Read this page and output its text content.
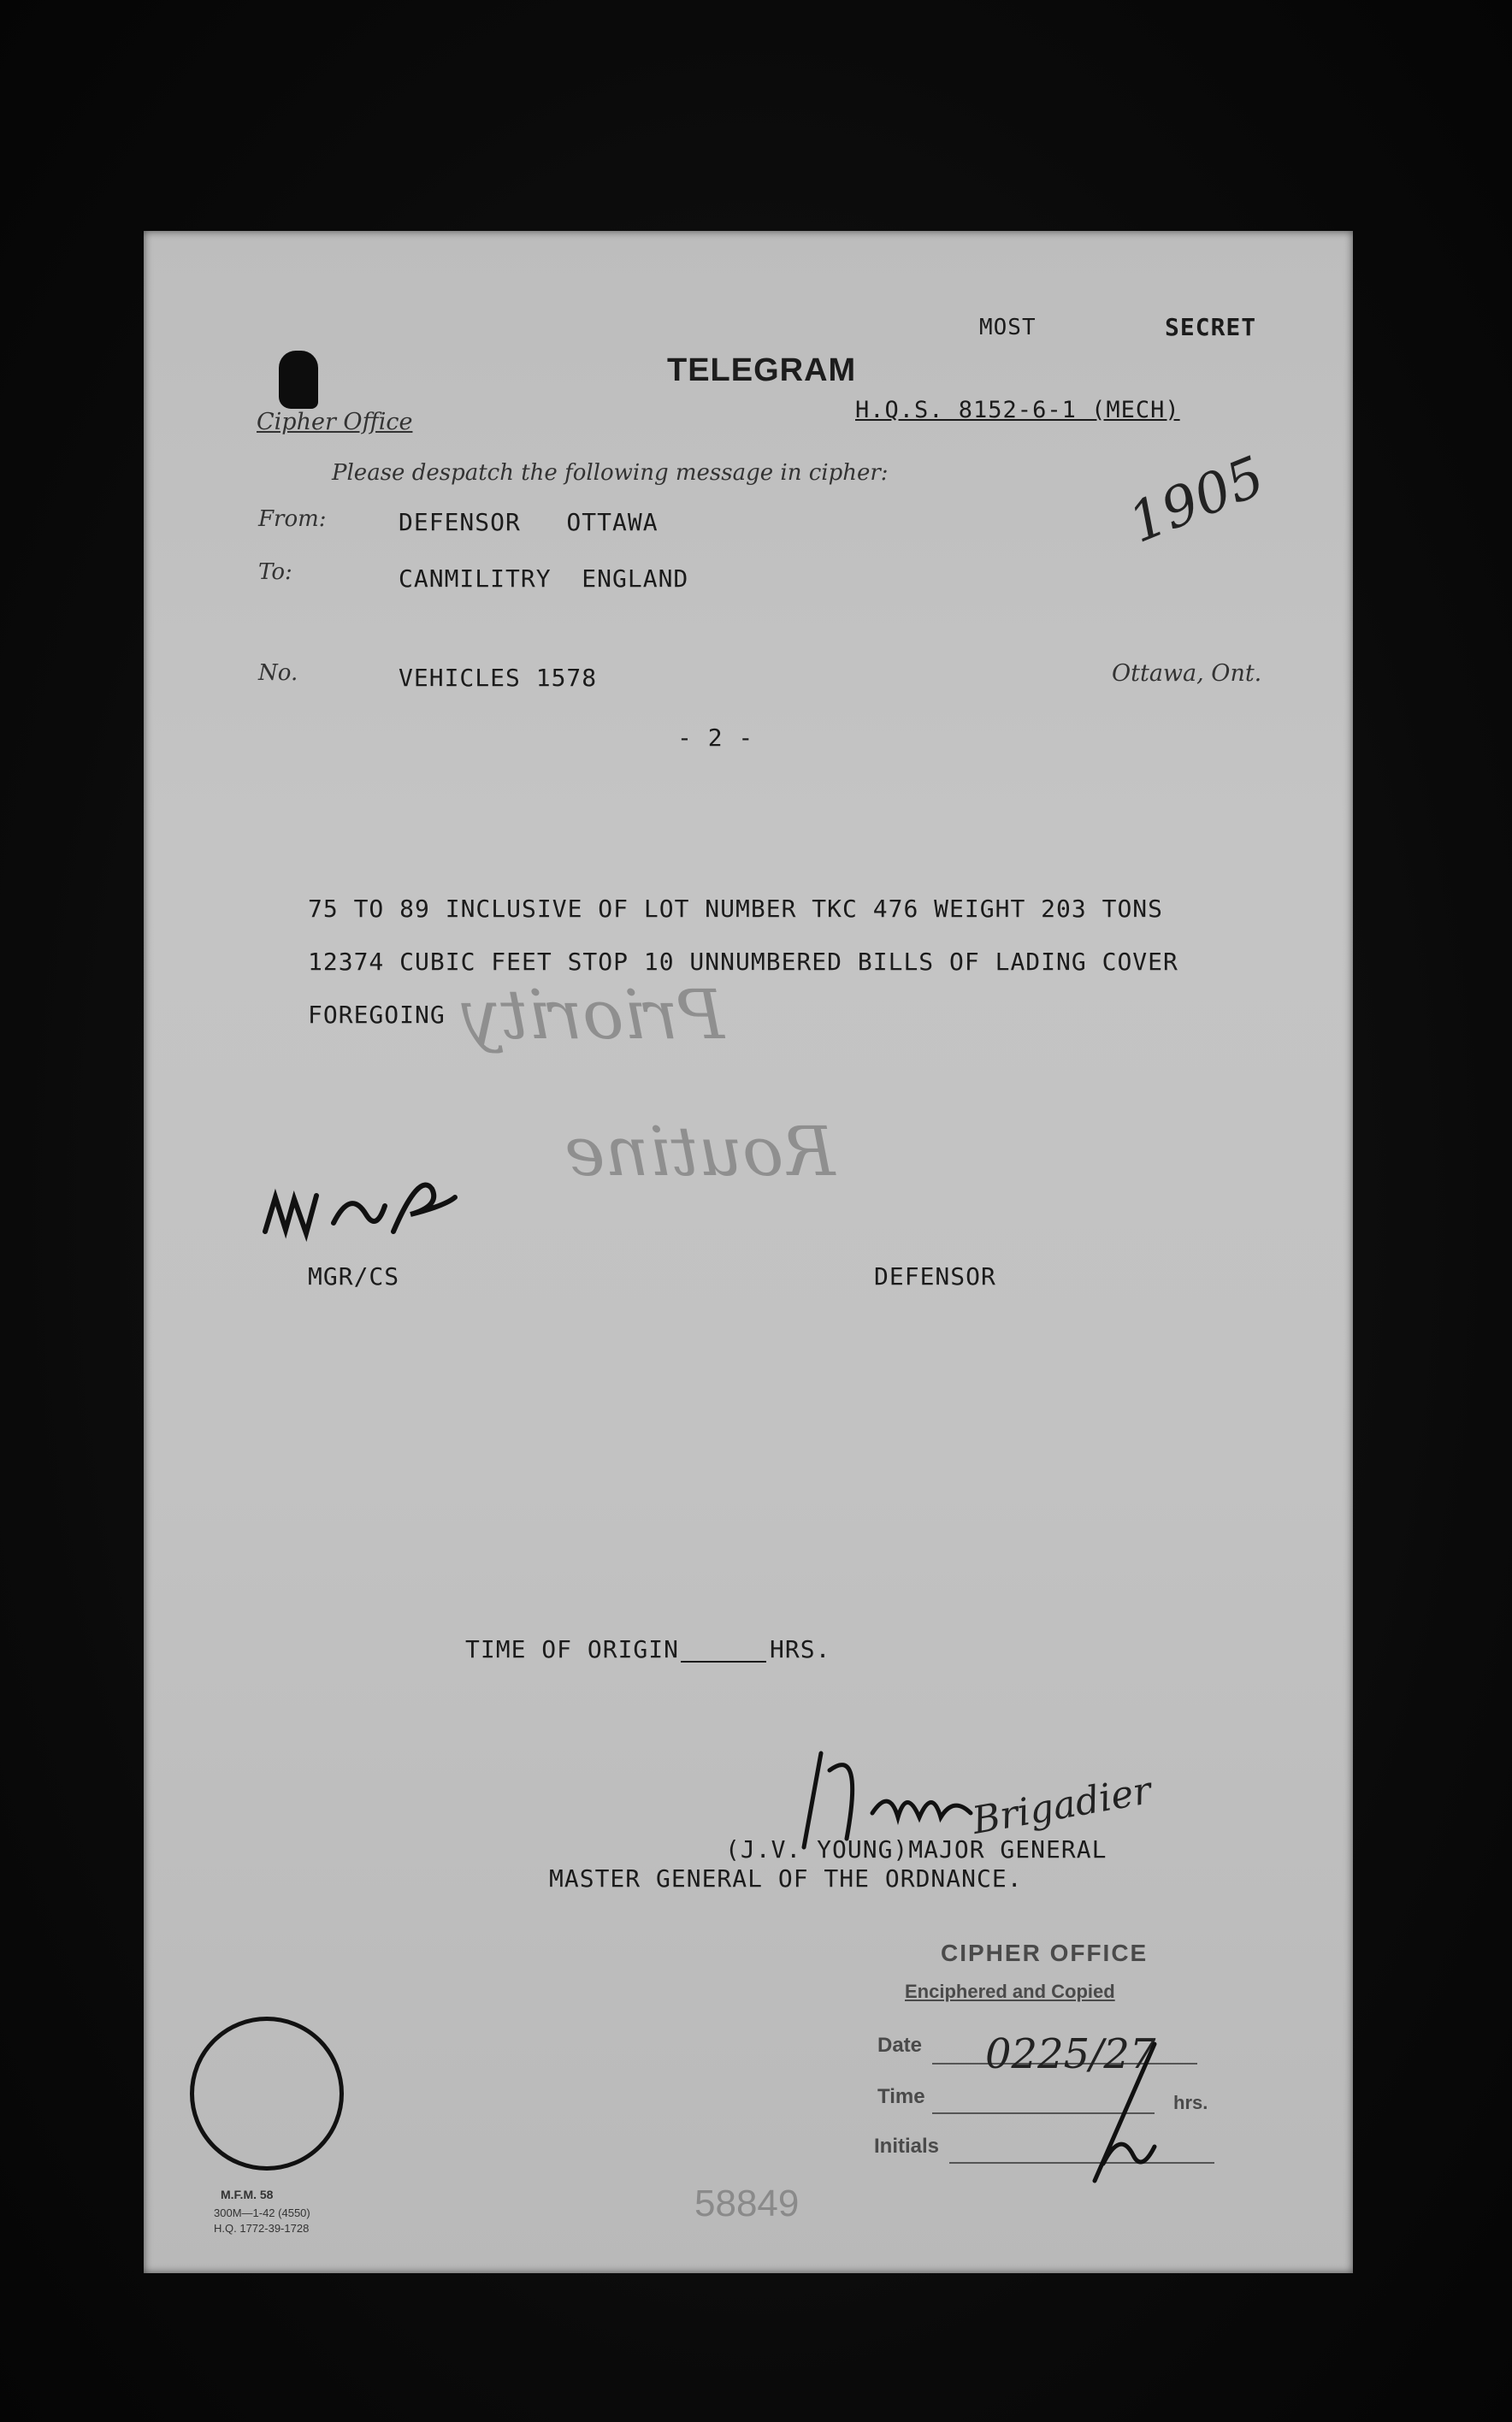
MOST	SECRET
TELEGRAM
Cipher Office	H.Q.S. 8152-6-1 (MECH)
Please despatch the following message in cipher:	1905
From:	DEFENSOR   OTTAWA
To:	CANMILITRY  ENGLAND
No.	VEHICLES 1578	Ottawa, Ont.
- 2 -
75 TO 89 INCLUSIVE OF LOT NUMBER TKC 476 WEIGHT 203 TONS
12374 CUBIC FEET STOP 10 UNNUMBERED BILLS OF LADING COVER
FOREGOING Priority
Routine
MGR/CS	DEFENSOR
TIME OF ORIGIN	HRS.
Brigadier
(J.V. YOUNG)MAJOR GENERAL
MASTER GENERAL OF THE ORDNANCE.
CIPHER OFFICE
Enciphered and Copied
Date 0225/27
Time	hrs.
Initials
M.F.M. 58
300M—1-42 (4550)
H.Q. 1772-39-1728
58849
